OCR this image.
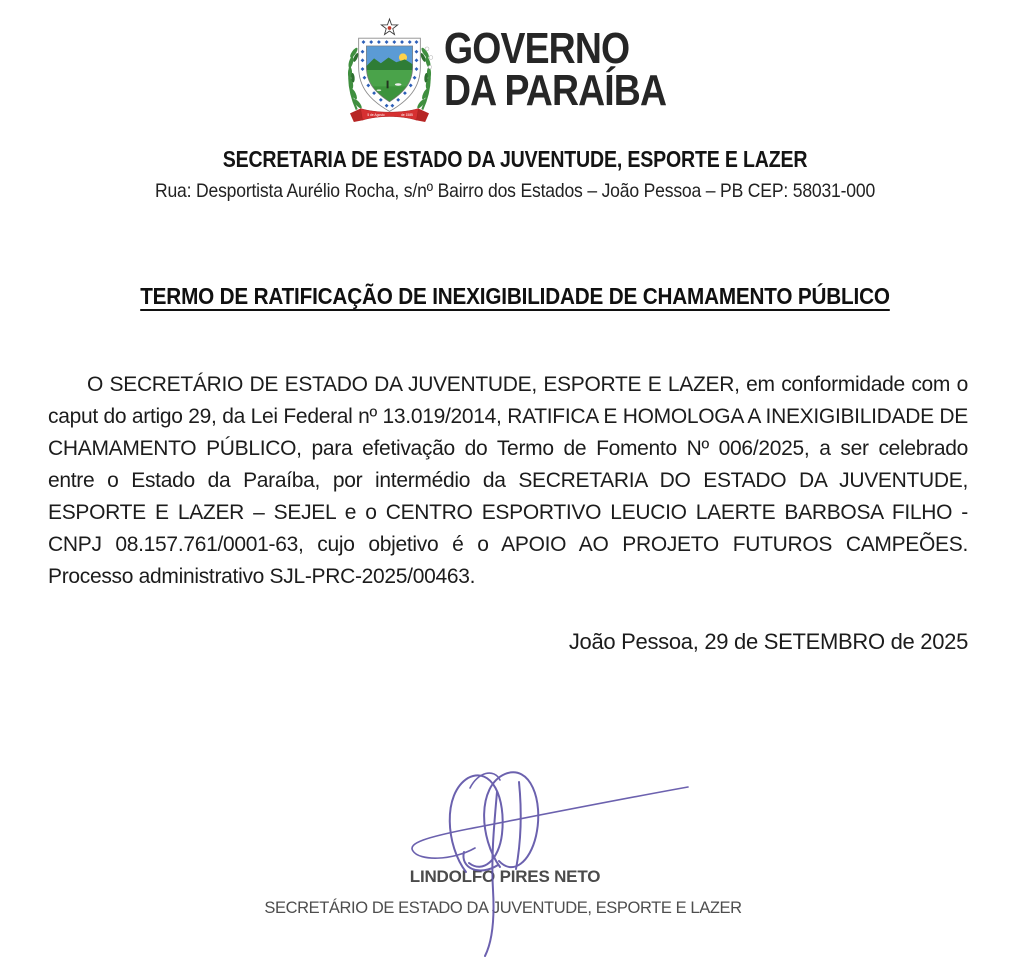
5 de Agosto	de 1585
GOVERNO
DA PARAÍBA
SECRETARIA DE ESTADO DA JUVENTUDE, ESPORTE E LAZER
Rua: Desportista Aurélio Rocha, s/nº Bairro dos Estados – João Pessoa – PB CEP: 58031-000
TERMO DE RATIFICAÇÃO DE INEXIGIBILIDADE DE CHAMAMENTO PÚBLICO

O SECRETÁRIO DE ESTADO DA JUVENTUDE, ESPORTE E LAZER, em conformidade com o caput do artigo 29, da Lei Federal nº 13.019/2014, RATIFICA E HOMOLOGA A INEXIGIBILIDADE DE CHAMAMENTO PÚBLICO, para efetivação do Termo de Fomento Nº 006/2025, a ser celebrado entre o Estado da Paraíba, por intermédio da SECRETARIA DO ESTADO DA JUVENTUDE, ESPORTE E LAZER – SEJEL e o CENTRO ESPORTIVO LEUCIO LAERTE BARBOSA FILHO - CNPJ 08.157.761/0001-63, cujo objetivo é o APOIO AO PROJETO FUTUROS CAMPEÕES. Processo administrativo SJL-PRC-2025/00463.

João Pessoa, 29 de SETEMBRO de 2025
LINDOLFO PIRES NETO
SECRETÁRIO DE ESTADO DA JUVENTUDE, ESPORTE E LAZER
